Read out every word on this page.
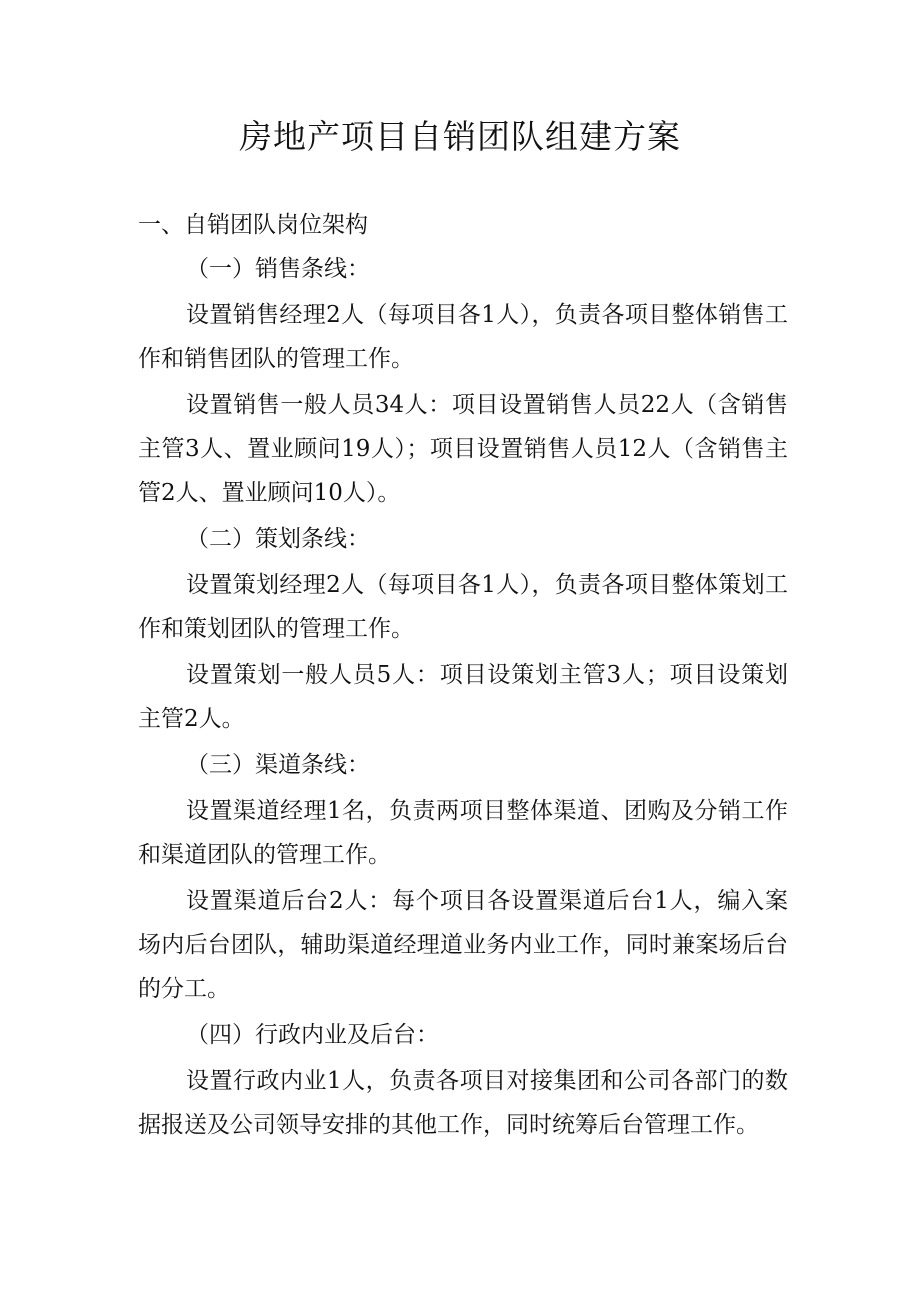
房地产项目自销团队组建方案
一、自销团队岗位架构
（一）销售条线：

设置销售经理2人（每项目各1人），负责各项目整体销售工作和销售团队的管理工作。

设置销售一般人员34人：项目设置销售人员22人（含销售主管3人、置业顾问19人）；项目设置销售人员12人（含销售主管2人、置业顾问10人）。

（二）策划条线：

设置策划经理2人（每项目各1人），负责各项目整体策划工作和策划团队的管理工作。

设置策划一般人员5人：项目设策划主管3人；项目设策划主管2人。

（三）渠道条线：

设置渠道经理1名，负责两项目整体渠道、团购及分销工作和渠道团队的管理工作。

设置渠道后台2人：每个项目各设置渠道后台1人，编入案场内后台团队，辅助渠道经理道业务内业工作，同时兼案场后台的分工。

（四）行政内业及后台：

设置行政内业1人，负责各项目对接集团和公司各部门的数据报送及公司领导安排的其他工作，同时统筹后台管理工作。
